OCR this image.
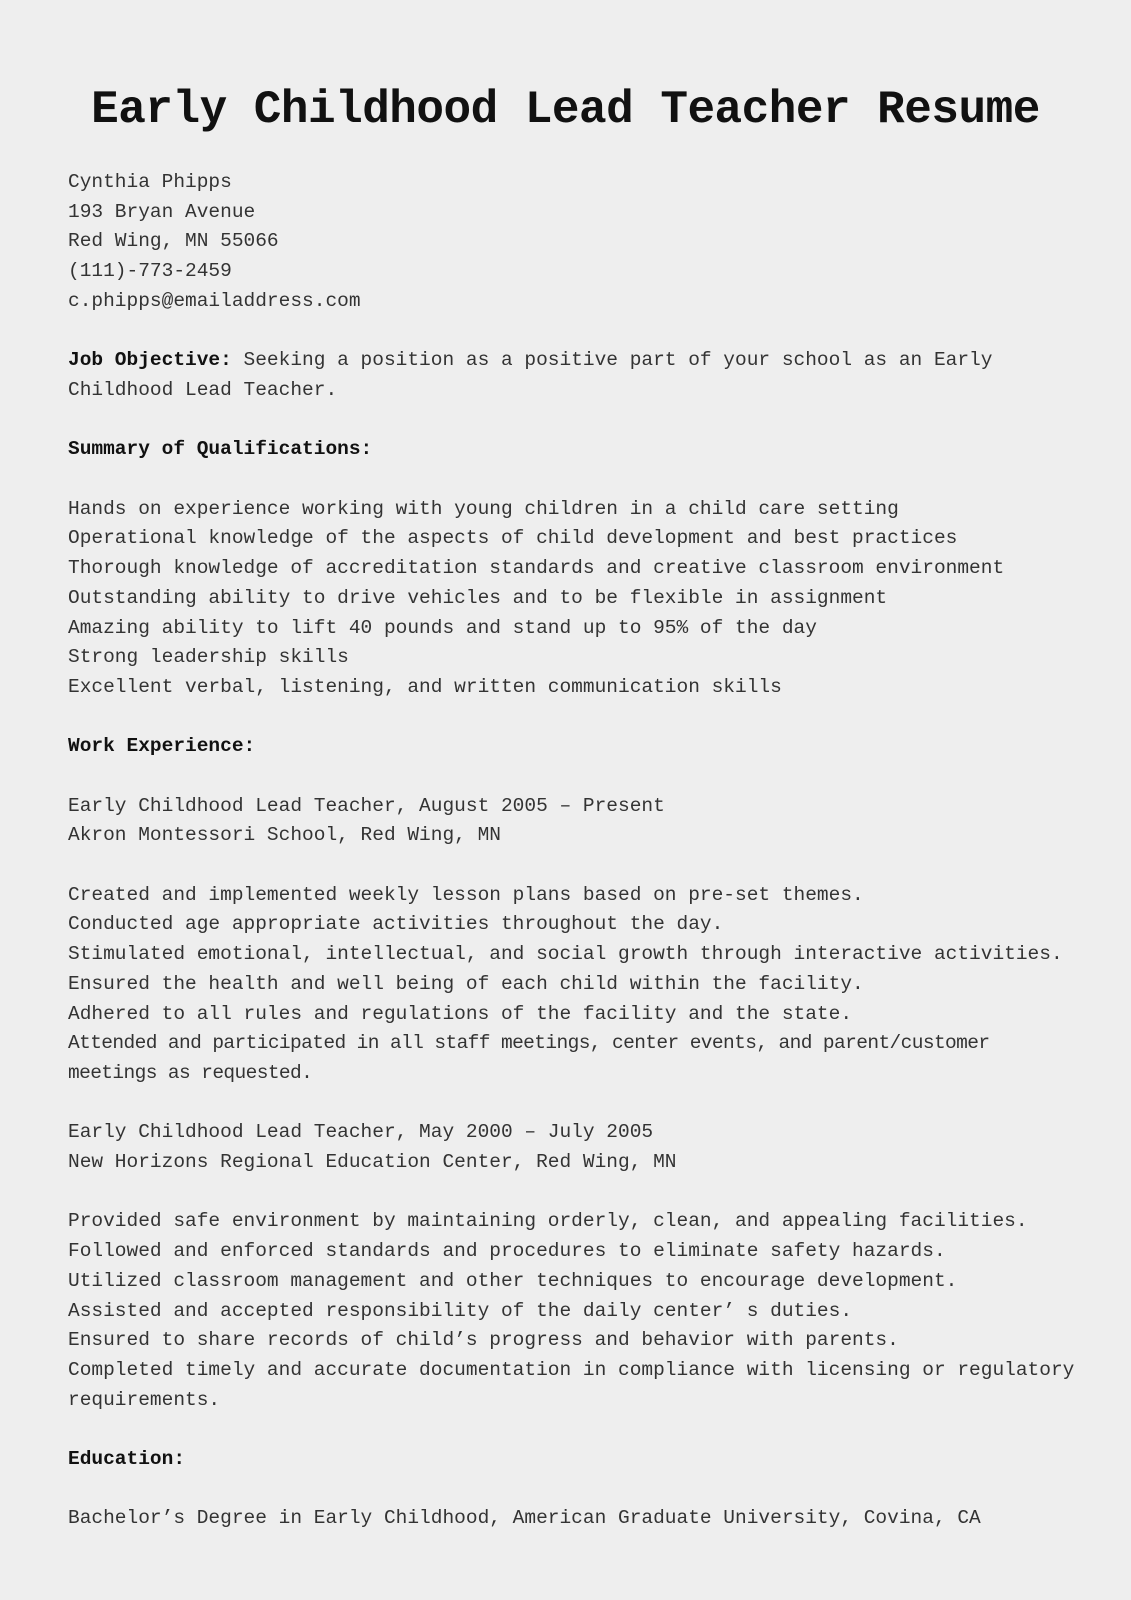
Early Childhood Lead Teacher Resume
Cynthia Phipps
193 Bryan Avenue
Red Wing, MN 55066
(111)-773-2459
c.phipps@emailaddress.com
Job Objective: Seeking a position as a positive part of your school as an Early Childhood Lead Teacher.
Summary of Qualifications:
Hands on experience working with young children in a child care setting
Operational knowledge of the aspects of child development and best practices
Thorough knowledge of accreditation standards and creative classroom environment
Outstanding ability to drive vehicles and to be flexible in assignment
Amazing ability to lift 40 pounds and stand up to 95% of the day
Strong leadership skills
Excellent verbal, listening, and written communication skills
Work Experience:
Early Childhood Lead Teacher, August 2005 – Present
Akron Montessori School, Red Wing, MN
Created and implemented weekly lesson plans based on pre-set themes.
Conducted age appropriate activities throughout the day.
Stimulated emotional, intellectual, and social growth through interactive activities.
Ensured the health and well being of each child within the facility.
Adhered to all rules and regulations of the facility and the state.
Attended and participated in all staff meetings, center events, and parent/customer meetings as requested.
Early Childhood Lead Teacher, May 2000 – July 2005
New Horizons Regional Education Center, Red Wing, MN
Provided safe environment by maintaining orderly, clean, and appealing facilities.
Followed and enforced standards and procedures to eliminate safety hazards.
Utilized classroom management and other techniques to encourage development.
Assisted and accepted responsibility of the daily center’ s duties.
Ensured to share records of child’s progress and behavior with parents.
Completed timely and accurate documentation in compliance with licensing or regulatory requirements.
Education:
Bachelor’s Degree in Early Childhood, American Graduate University, Covina, CA
